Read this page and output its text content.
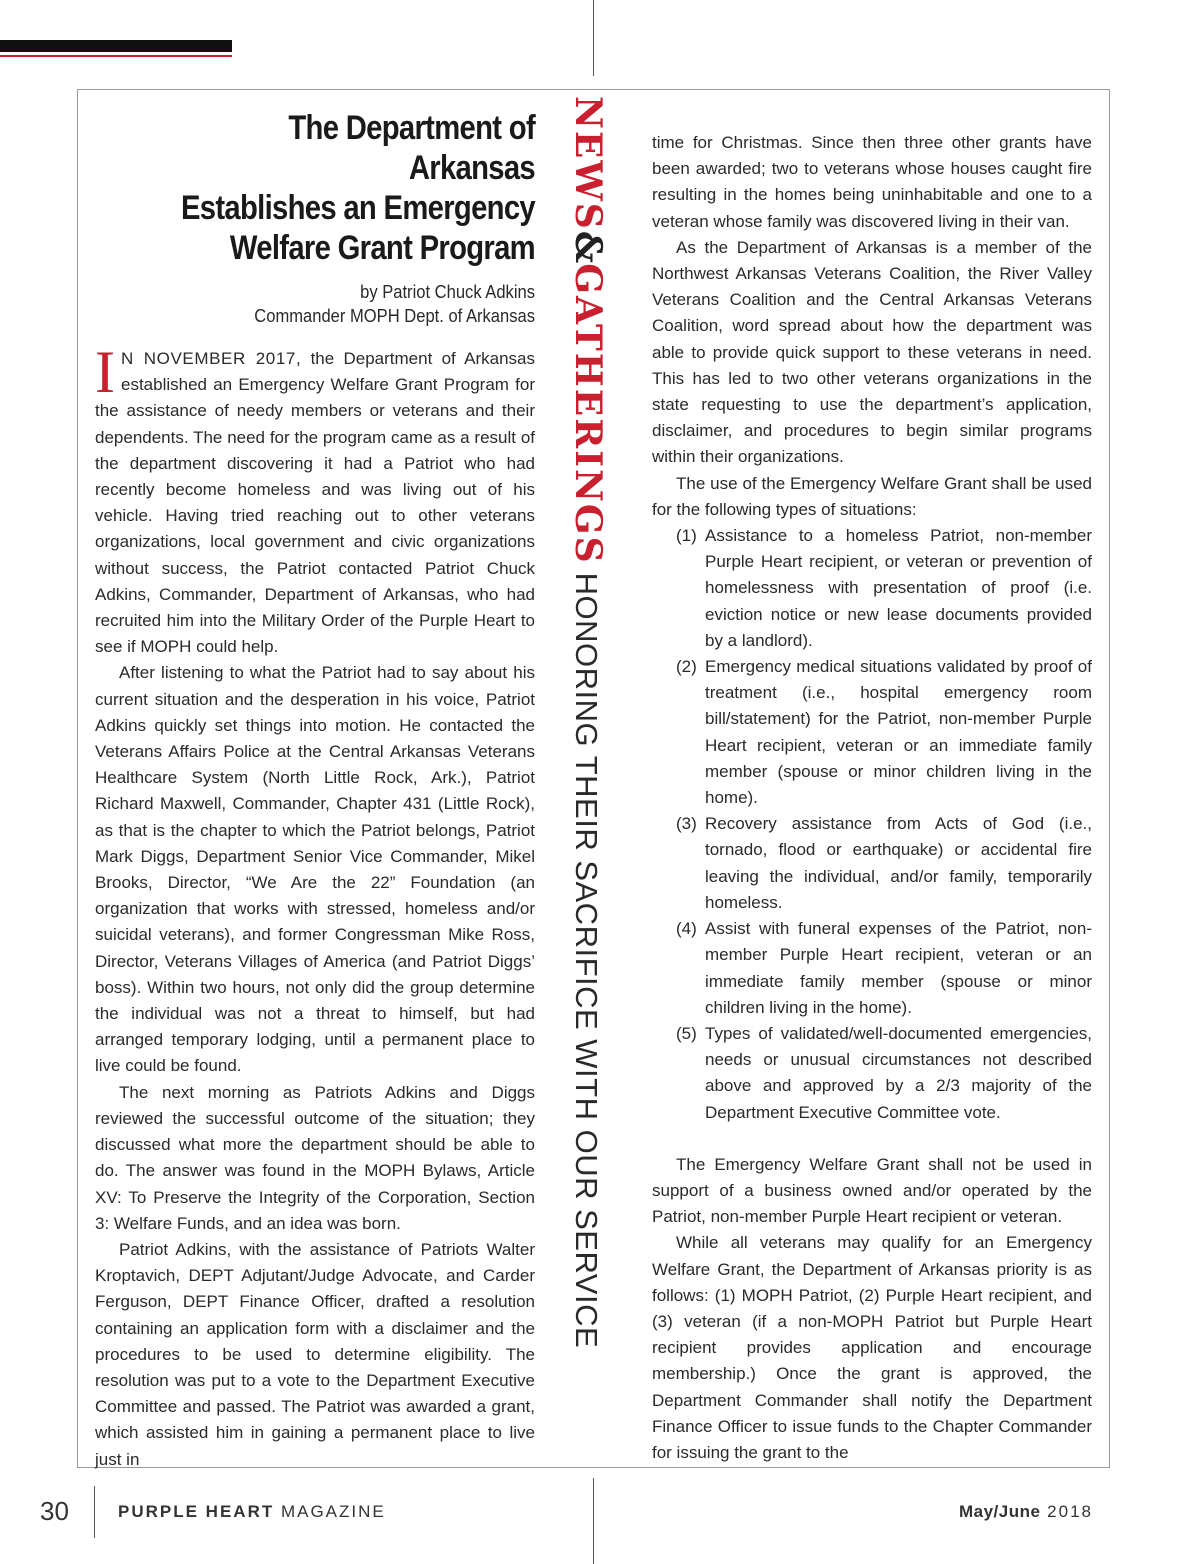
The Department of Arkansas
Establishes an Emergency
Welfare Grant Program
by Patriot Chuck Adkins
Commander MOPH Dept. of Arkansas

I N NOVEMBER 2017, the Department of Arkansas established an Emergency Welfare Grant Program for the assistance of needy members or veterans and their dependents. The need for the program came as a result of the department discovering it had a Patriot who had recently become homeless and was living out of his vehicle. Having tried reaching out to other veterans organizations, local government and civic organizations without success, the Patriot contacted Patriot Chuck Adkins, Commander, Department of Arkansas, who had recruited him into the Military Order of the Purple Heart to see if MOPH could help.

After listening to what the Patriot had to say about his current situation and the desperation in his voice, Patriot Adkins quickly set things into motion. He contacted the Veterans Affairs Police at the Central Arkansas Veterans Healthcare System (North Little Rock, Ark.), Patriot Richard Maxwell, Commander, Chapter 431 (Little Rock), as that is the chapter to which the Patriot belongs, Patriot Mark Diggs, Department Senior Vice Commander, Mikel Brooks, Director, “We Are the 22” Foundation (an organization that works with stressed, homeless and/or suicidal veterans), and former Congressman Mike Ross, Director, Veterans Villages of America (and Patriot Diggs’ boss). Within two hours, not only did the group determine the individual was not a threat to himself, but had arranged temporary lodging, until a permanent place to live could be found.

The next morning as Patriots Adkins and Diggs reviewed the successful outcome of the situation; they discussed what more the department should be able to do. The answer was found in the MOPH Bylaws, Article XV: To Preserve the Integrity of the Corporation, Section 3: Welfare Funds, and an idea was born.

Patriot Adkins, with the assistance of Patriots Walter Kroptavich, DEPT Adjutant/Judge Advocate, and Carder Ferguson, DEPT Finance Officer, drafted a resolution containing an application form with a disclaimer and the procedures to be used to determine eligibility. The resolution was put to a vote to the Department Executive Committee and passed. The Patriot was awarded a grant, which assisted him in gaining a permanent place to live just in

NEWS&GATHERINGSHONORING THEIR SACRIFICE WITH OUR SERVICE

time for Christmas. Since then three other grants have been awarded; two to veterans whose houses caught fire resulting in the homes being uninhabitable and one to a veteran whose family was discovered living in their van.

As the Department of Arkansas is a member of the Northwest Arkansas Veterans Coalition, the River Valley Veterans Coalition and the Central Arkansas Veterans Coalition, word spread about how the department was able to provide quick support to these veterans in need. This has led to two other veterans organizations in the state requesting to use the department’s application, disclaimer, and procedures to begin similar programs within their organizations.

The use of the Emergency Welfare Grant shall be used for the following types of situations:

(1) Assistance to a homeless Patriot, non-member Purple Heart recipient, or veteran or prevention of homelessness with presentation of proof (i.e. eviction notice or new lease documents provided by a landlord).
(2) Emergency medical situations validated by proof of treatment (i.e., hospital emergency room bill/statement) for the Patriot, non-member Purple Heart recipient, veteran or an immediate family member (spouse or minor children living in the home).
(3) Recovery assistance from Acts of God (i.e., tornado, flood or earthquake) or accidental fire leaving the individual, and/or family, temporarily homeless.
(4) Assist with funeral expenses of the Patriot, non-member Purple Heart recipient, veteran or an immediate family member (spouse or minor children living in the home).
(5) Types of validated/well-documented emergencies, needs or unusual circumstances not described above and approved by a 2/3 majority of the Department Executive Committee vote.

The Emergency Welfare Grant shall not be used in support of a business owned and/or operated by the Patriot, non-member Purple Heart recipient or veteran.

While all veterans may qualify for an Emergency Welfare Grant, the Department of Arkansas priority is as follows: (1) MOPH Patriot, (2) Purple Heart recipient, and (3) veteran (if a non-MOPH Patriot but Purple Heart recipient provides application and encourage membership.) Once the grant is approved, the Department Commander shall notify the Department Finance Officer to issue funds to the Chapter Commander for issuing the grant to the

30	PURPLE HEART MAGAZINE	May/June 2018
